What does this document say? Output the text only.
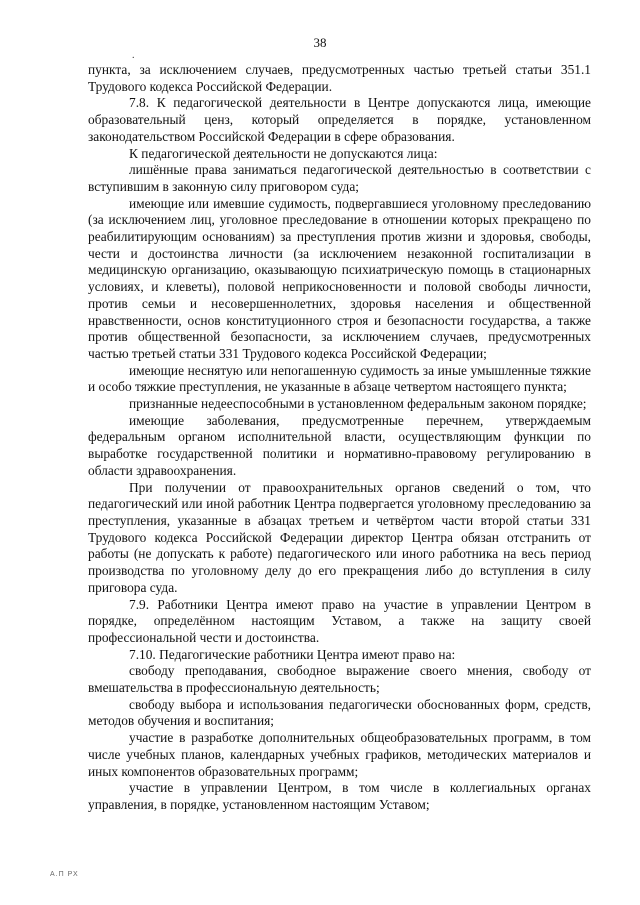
38
.

пункта, за исключением случаев, предусмотренных частью третьей статьи 351.1 Трудового кодекса Российской Федерации.

7.8. К педагогической деятельности в Центре допускаются лица, имеющие образовательный ценз, который определяется в порядке, установленном законодательством Российской Федерации в сфере образования.

К педагогической деятельности не допускаются лица:

лишённые права заниматься педагогической деятельностью в соответствии с вступившим в законную силу приговором суда;

имеющие или имевшие судимость, подвергавшиеся уголовному преследованию (за исключением лиц, уголовное преследование в отношении которых прекращено по реабилитирующим основаниям) за преступления против жизни и здоровья, свободы, чести и достоинства личности (за исключением незаконной госпитализации в медицинскую организацию, оказывающую психиатрическую помощь в стационарных условиях, и клеветы), половой неприкосновенности и половой свободы личности, против семьи и несовершеннолетних, здоровья населения и общественной нравственности, основ конституционного строя и безопасности государства, а также против общественной безопасности, за исключением случаев, предусмотренных частью третьей статьи 331 Трудового кодекса Российской Федерации;

имеющие неснятую или непогашенную судимость за иные умышленные тяжкие и особо тяжкие преступления, не указанные в абзаце четвертом настоящего пункта;

признанные недееспособными в установленном федеральным законом порядке;

имеющие заболевания, предусмотренные перечнем, утверждаемым федеральным органом исполнительной власти, осуществляющим функции по выработке государственной политики и нормативно-правовому регулированию в области здравоохранения.

При получении от правоохранительных органов сведений о том, что педагогический или иной работник Центра подвергается уголовному преследованию за преступления, указанные в абзацах третьем и четвёртом части второй статьи 331 Трудового кодекса Российской Федерации директор Центра обязан отстранить от работы (не допускать к работе) педагогического или иного работника на весь период производства по уголовному делу до его прекращения либо до вступления в силу приговора суда.

7.9. Работники Центра имеют право на участие в управлении Центром в порядке, определённом настоящим Уставом, а также на защиту своей профессиональной чести и достоинства.

7.10. Педагогические работники Центра имеют право на:

свободу преподавания, свободное выражение своего мнения, свободу от вмешательства в профессиональную деятельность;

свободу выбора и использования педагогически обоснованных форм, средств, методов обучения и воспитания;

участие в разработке дополнительных общеобразовательных программ, в том числе учебных планов, календарных учебных графиков, методических материалов и иных компонентов образовательных программ;

участие в управлении Центром, в том числе в коллегиальных органах управления, в порядке, установленном настоящим Уставом;

А.П РХ
